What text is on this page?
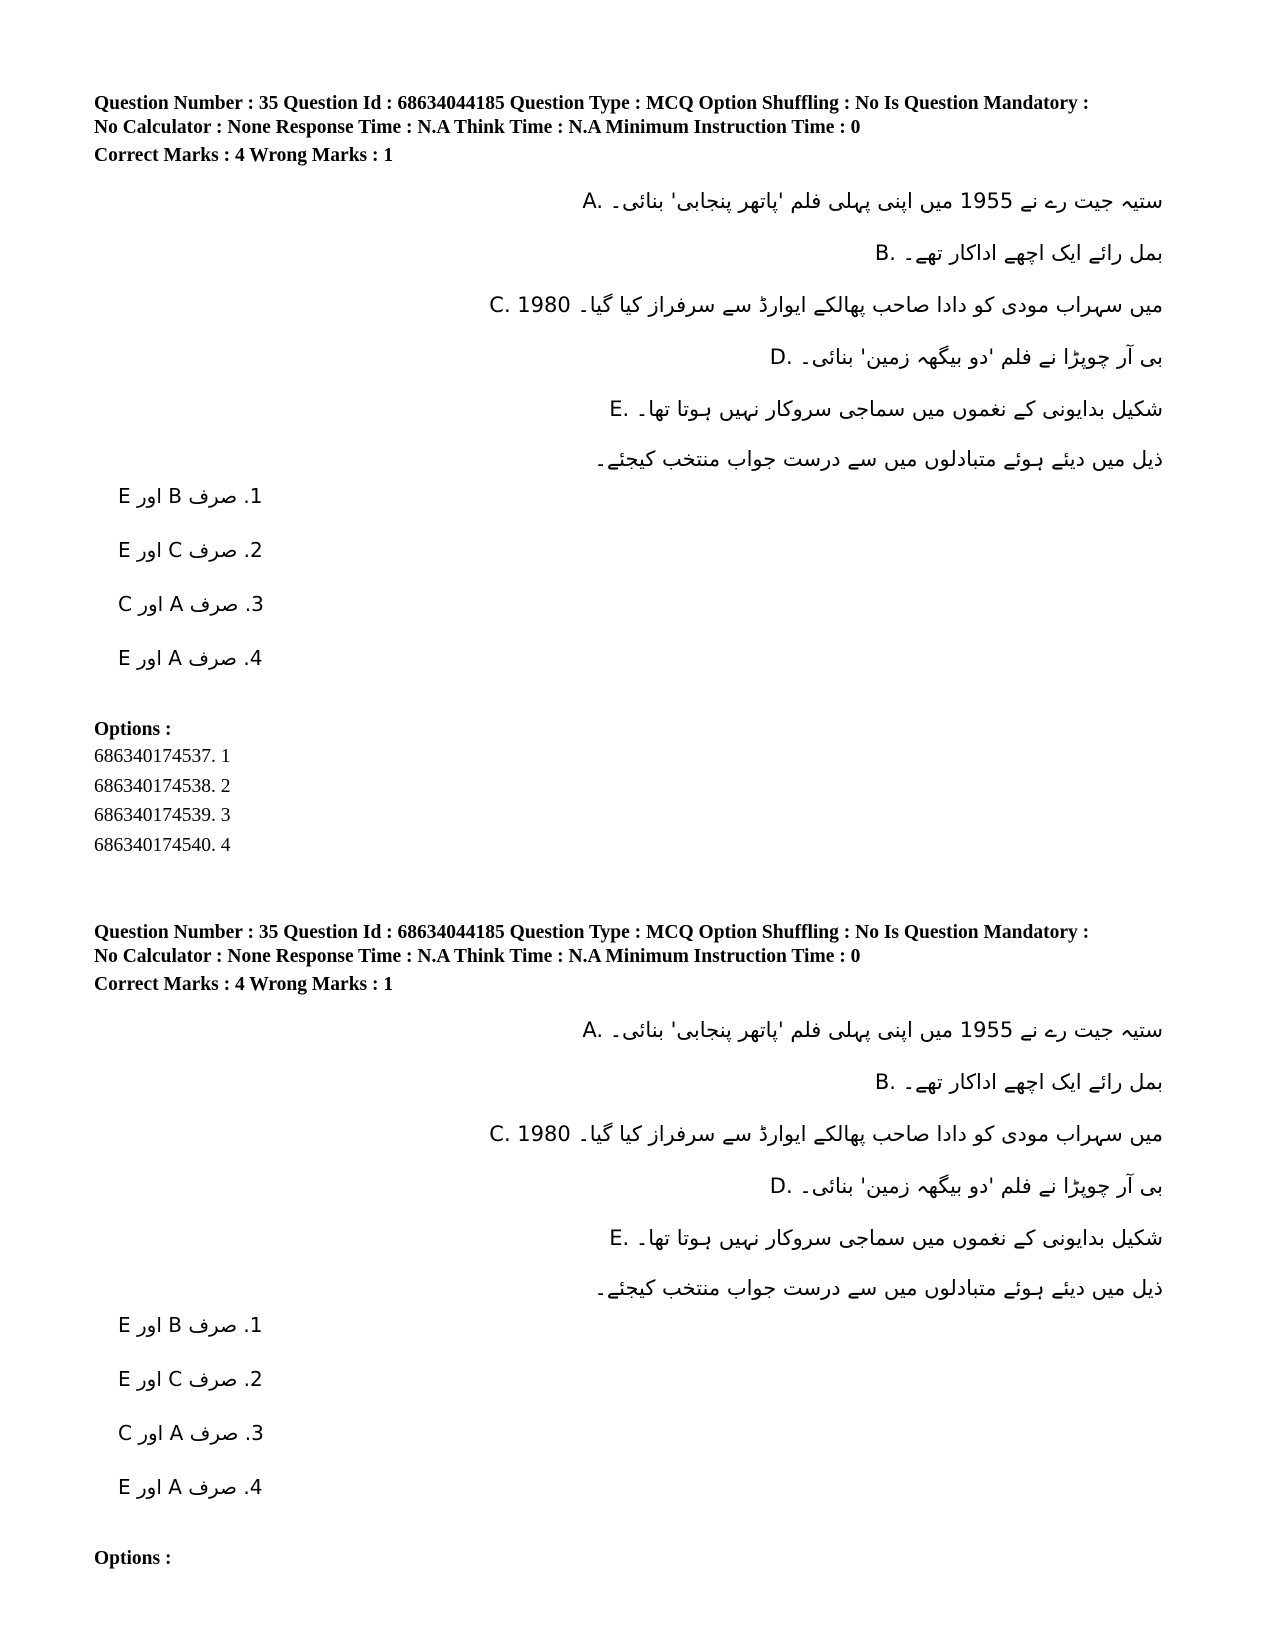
Question Number : 35 Question Id : 68634044185 Question Type : MCQ Option Shuffling : No Is Question Mandatory :
No Calculator : None Response Time : N.A Think Time : N.A Minimum Instruction Time : 0
Correct Marks : 4 Wrong Marks : 1
A. ستیہ جیت رے نے 1955 میں اپنی پہلی فلم 'پاتھر پنجابی' بنائی۔
B. بمل رائے ایک اچھے اداکار تھے۔
C. 1980 میں سہراب مودی کو دادا صاحب پھالکے ایوارڈ سے سرفراز کیا گیا۔
D. بی آر چوپڑا نے فلم 'دو بیگھہ زمین' بنائی۔
E. شکیل بدایونی کے نغموں میں سماجی سروکار نہیں ہوتا تھا۔
ذیل میں دیئے ہوئے متبادلوں میں سے درست جواب منتخب کیجئے۔
1. صرف B اور E
2. صرف C اور E
3. صرف A اور C
4. صرف A اور E
Options :
686340174537. 1
686340174538. 2
686340174539. 3
686340174540. 4
Question Number : 35 Question Id : 68634044185 Question Type : MCQ Option Shuffling : No Is Question Mandatory :
No Calculator : None Response Time : N.A Think Time : N.A Minimum Instruction Time : 0
Correct Marks : 4 Wrong Marks : 1
A. ستیہ جیت رے نے 1955 میں اپنی پہلی فلم 'پاتھر پنجابی' بنائی۔
B. بمل رائے ایک اچھے اداکار تھے۔
C. 1980 میں سہراب مودی کو دادا صاحب پھالکے ایوارڈ سے سرفراز کیا گیا۔
D. بی آر چوپڑا نے فلم 'دو بیگھہ زمین' بنائی۔
E. شکیل بدایونی کے نغموں میں سماجی سروکار نہیں ہوتا تھا۔
ذیل میں دیئے ہوئے متبادلوں میں سے درست جواب منتخب کیجئے۔
1. صرف B اور E
2. صرف C اور E
3. صرف A اور C
4. صرف A اور E
Options :
